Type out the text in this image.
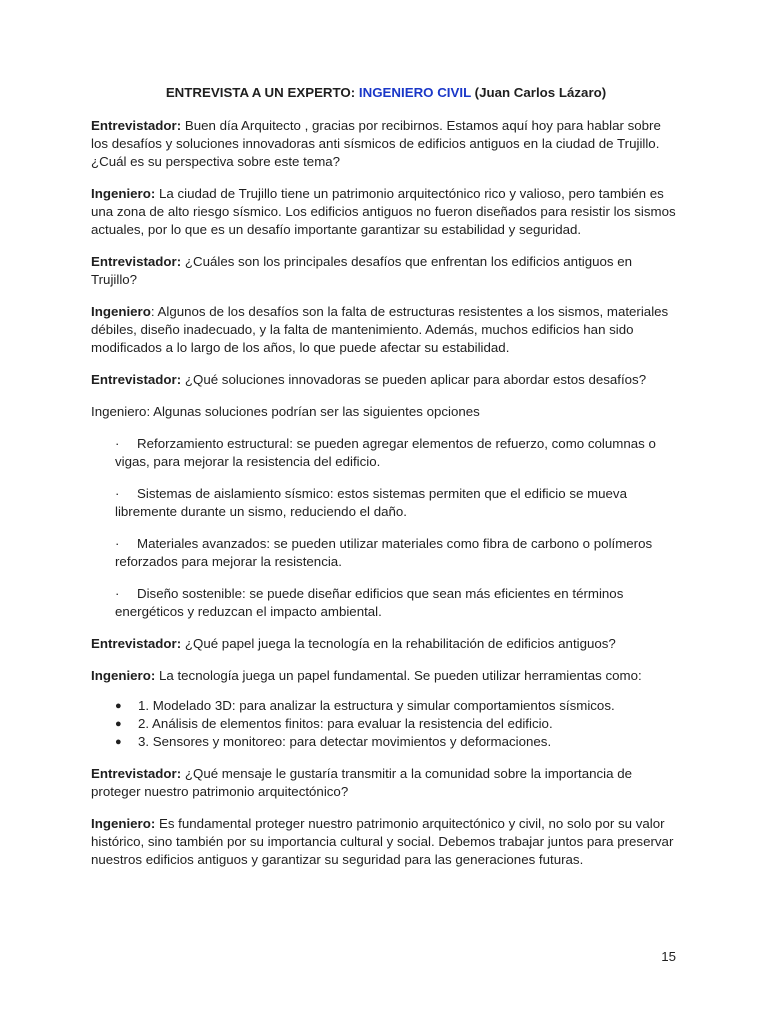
ENTREVISTA A UN EXPERTO: INGENIERO CIVIL (Juan Carlos Lázaro)

Entrevistador: Buen día Arquitecto , gracias por recibirnos. Estamos aquí hoy para hablar sobre los desafíos y soluciones innovadoras anti sísmicos de edificios antiguos en la ciudad de Trujillo. ¿Cuál es su perspectiva sobre este tema?

Ingeniero: La ciudad de Trujillo tiene un patrimonio arquitectónico rico y valioso, pero también es una zona de alto riesgo sísmico. Los edificios antiguos no fueron diseñados para resistir los sismos actuales, por lo que es un desafío importante garantizar su estabilidad y seguridad.

Entrevistador: ¿Cuáles son los principales desafíos que enfrentan los edificios antiguos en Trujillo?

Ingeniero: Algunos de los desafíos son la falta de estructuras resistentes a los sismos, materiales débiles, diseño inadecuado, y la falta de mantenimiento. Además, muchos edificios han sido modificados a lo largo de los años, lo que puede afectar su estabilidad.

Entrevistador: ¿Qué soluciones innovadoras se pueden aplicar para abordar estos desafíos?

Ingeniero: Algunas soluciones podrían ser las siguientes opciones

· Reforzamiento estructural: se pueden agregar elementos de refuerzo, como columnas o vigas, para mejorar la resistencia del edificio.
· Sistemas de aislamiento sísmico: estos sistemas permiten que el edificio se mueva libremente durante un sismo, reduciendo el daño.
· Materiales avanzados: se pueden utilizar materiales como fibra de carbono o polímeros reforzados para mejorar la resistencia.
· Diseño sostenible: se puede diseñar edificios que sean más eficientes en términos energéticos y reduzcan el impacto ambiental.

Entrevistador: ¿Qué papel juega la tecnología en la rehabilitación de edificios antiguos?

Ingeniero: La tecnología juega un papel fundamental. Se pueden utilizar herramientas como:

● 1. Modelado 3D: para analizar la estructura y simular comportamientos sísmicos.
● 2. Análisis de elementos finitos: para evaluar la resistencia del edificio.
● 3. Sensores y monitoreo: para detectar movimientos y deformaciones.

Entrevistador: ¿Qué mensaje le gustaría transmitir a la comunidad sobre la importancia de proteger nuestro patrimonio arquitectónico?

Ingeniero: Es fundamental proteger nuestro patrimonio arquitectónico y civil, no solo por su valor histórico, sino también por su importancia cultural y social. Debemos trabajar juntos para preservar nuestros edificios antiguos y garantizar su seguridad para las generaciones futuras.

15
